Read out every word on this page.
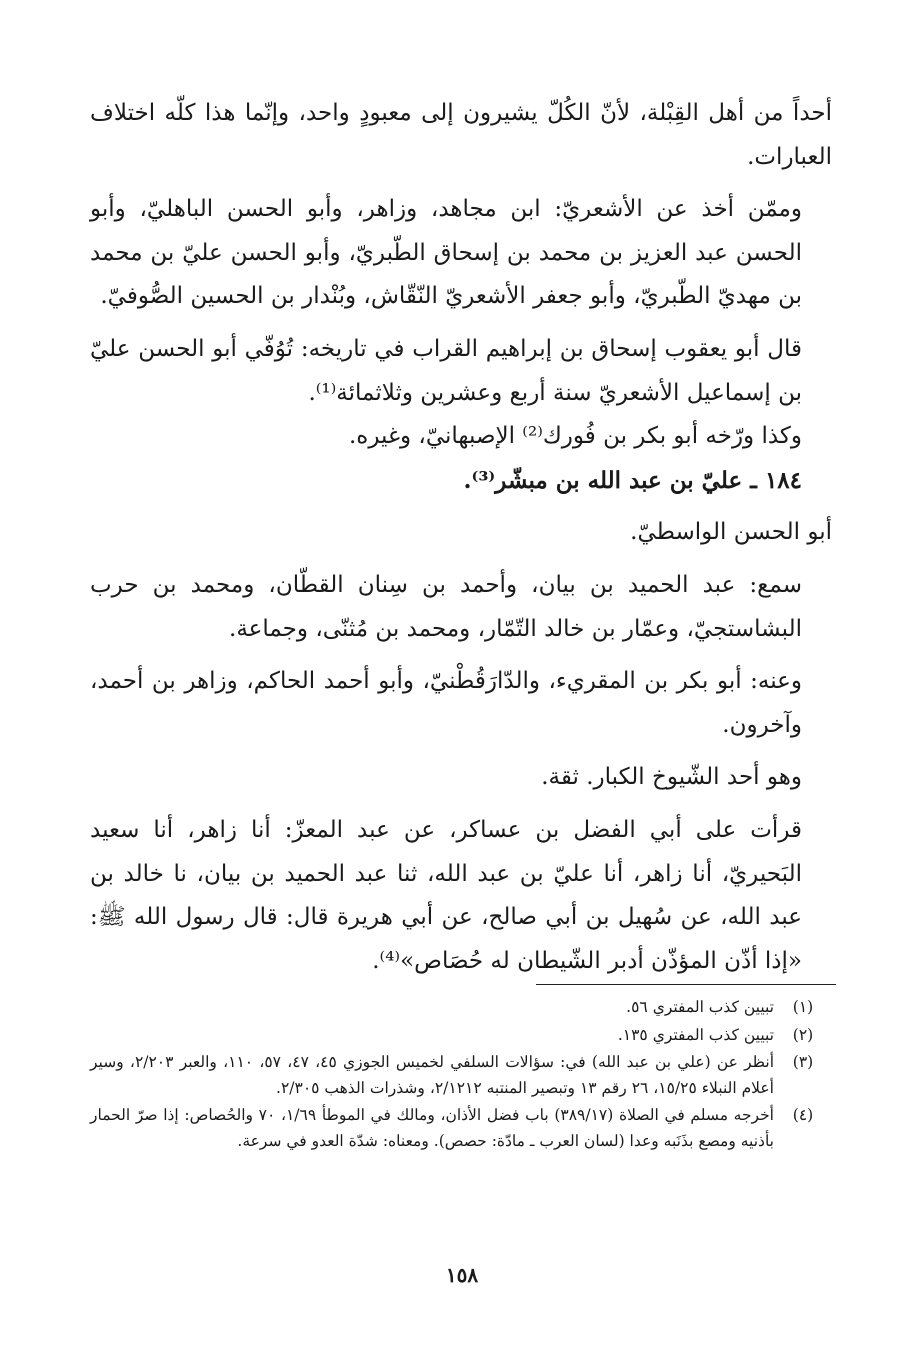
أحداً من أهل القِبْلة، لأنّ الكُلّ يشيرون إلى معبودٍ واحد، وإنّما هذا كلّه اختلاف العبارات.

وممّن أخذ عن الأشعريّ: ابن مجاهد، وزاهر، وأبو الحسن الباهليّ، وأبو الحسن عبد العزيز بن محمد بن إسحاق الطّبريّ، وأبو الحسن عليّ بن محمد بن مهديّ الطّبريّ، وأبو جعفر الأشعريّ النّقّاش، وبُنْدار بن الحسين الصُّوفيّ.

قال أبو يعقوب إسحاق بن إبراهيم القراب في تاريخه: تُوُفّي أبو الحسن عليّ بن إسماعيل الأشعريّ سنة أربع وعشرين وثلاثمائة⁽¹⁾.

وكذا ورّخه أبو بكر بن فُورك⁽²⁾ الإصبهانيّ، وغيره.

١٨٤ ـ عليّ بن عبد الله بن مبشّر⁽³⁾.

أبو الحسن الواسطيّ.

سمع: عبد الحميد بن بيان، وأحمد بن سِنان القطّان، ومحمد بن حرب البشاستجيّ، وعمّار بن خالد التّمّار، ومحمد بن مُثنّى، وجماعة.

وعنه: أبو بكر بن المقريء، والدّارَقُطْنيّ، وأبو أحمد الحاكم، وزاهر بن أحمد، وآخرون.

وهو أحد الشّيوخ الكبار. ثقة.

قرأت على أبي الفضل بن عساكر، عن عبد المعزّ: أنا زاهر، أنا سعيد البَحيريّ، أنا زاهر، أنا عليّ بن عبد الله، ثنا عبد الحميد بن بيان، نا خالد بن عبد الله، عن سُهيل بن أبي صالح، عن أبي هريرة قال: قال رسول الله ﷺ: «إذا أذّن المؤذّن أدبر الشّيطان له حُصَاص»⁽⁴⁾.

(١)
تبيين كذب المفتري ٥٦.
(٢)
تبيين كذب المفتري ١٣٥.
(٣)
أنظر عن (علي بن عبد الله) في: سؤالات السلفي لخميس الجوزي ٤٥، ٤٧، ٥٧، ١١٠، والعبر ٢/٢٠٣، وسير أعلام النبلاء ١٥/٢٥، ٢٦ رقم ١٣ وتبصير المنتبه ٢/١٢١٢، وشذرات الذهب ٢/٣٠٥.
(٤)
أخرجه مسلم في الصلاة (٣٨٩/١٧) باب فضل الأذان، ومالك في الموطأ ١/٦٩، ٧٠ والحُصاص: إذا صرّ الحمار بأذنيه ومصع بذَنَبه وعدا (لسان العرب ـ مادّة: حصص). ومعناه: شدّة العدو في سرعة.
١٥٨
